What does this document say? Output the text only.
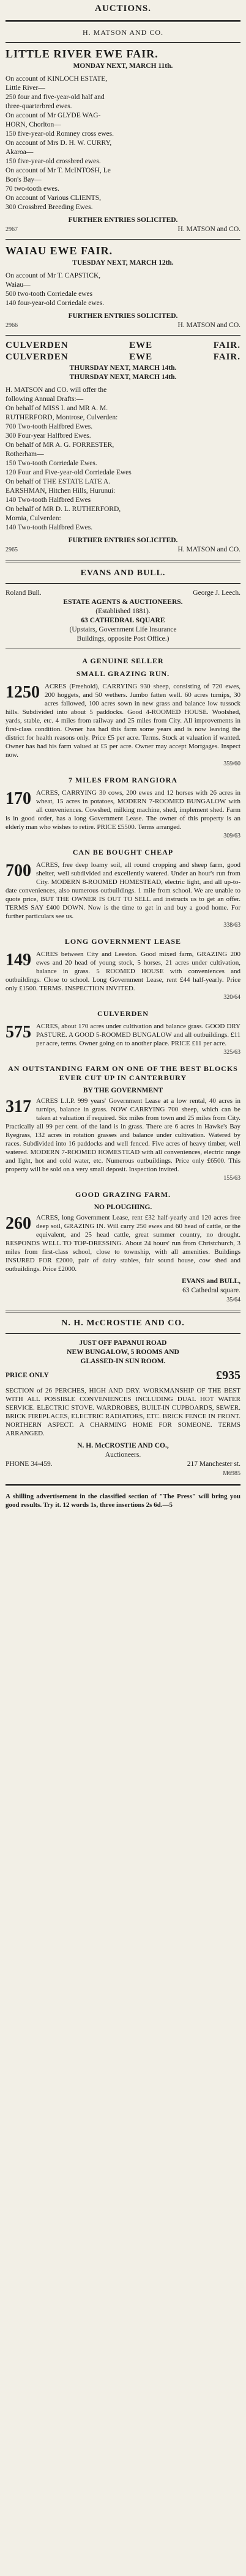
AUCTIONS.
H. MATSON AND CO.
LITTLE RIVER EWE FAIR.
MONDAY NEXT, MARCH 11th.

On account of KINLOCH ESTATE,

Little River—

250 four and five-year-old half and

three-quarterbred ewes.

On account of Mr GLYDE WAG-

HORN, Chorlton—

150 five-year-old Romney cross ewes.

On account of Mrs D. H. W. CURRY,

Akaroa—

150 five-year-old crossbred ewes.

On account of Mr T. McINTOSH, Le

Bon's Bay—

70 two-tooth ewes.

On account of Various CLIENTS,

300 Crossbred Breeding Ewes.

FURTHER ENTRIES SOLICITED.
2967	H. MATSON and CO.
WAIAU EWE FAIR.
TUESDAY NEXT, MARCH 12th.

On account of Mr T. CAPSTICK,

Waiau—

500 two-tooth Corriedale ewes

140 four-year-old Corriedale ewes.

FURTHER ENTRIES SOLICITED.

2966	H. MATSON and CO.
CULVERDEN	EWE	FAIR.
CULVERDEN	EWE	FAIR.
THURSDAY NEXT, MARCH 14th.
THURSDAY NEXT, MARCH 14th.

H. MATSON and CO. will offer the

following Annual Drafts:—

On behalf of MISS I. and MR A. M.

RUTHERFORD, Montrose, Culverden:

700 Two-tooth Halfbred Ewes.

300 Four-year Halfbred Ewes.

On behalf of MR A. G. FORRESTER,

Rotherham—

150 Two-tooth Corriedale Ewes.

120 Four and Five-year-old Corriedale Ewes

On behalf of THE ESTATE LATE A.

EARSHMAN, Hitchen Hills, Hurunui:

140 Two-tooth Halfbred Ewes

On behalf of MR D. L. RUTHERFORD,

Mornia, Culverden:

140 Two-tooth Halfbred Ewes.

FURTHER ENTRIES SOLICITED.
2965	H. MATSON and CO.
EVANS AND BULL.
Roland Bull.	George J. Leech.
ESTATE AGENTS & AUCTIONEERS.
(Established 1881).
63 CATHEDRAL SQUARE
(Upstairs, Government Life Insurance
Buildings, opposite Post Office.)
A GENUINE SELLER
SMALL GRAZING RUN.
1250 ACRES (Freehold), CARRYING 930 sheep, consisting of 720 ewes, 200 hoggets, and 50 wethers. Jumbo fatten well. 60 acres turnips, 30 acres fallowed, 100 acres sown in new grass and balance low tussock hills. Subdivided into about 5 paddocks. Good 4-ROOMED HOUSE. Woolshed, yards, stable, etc. 4 miles from railway and 25 miles from City. All improvements in first-class condition. Owner has had this farm some years and is now leaving the district for health reasons only. Price £5 per acre. Terms. Stock at valuation if wanted. Owner has had his farm valued at £5 per acre. Owner may accept Mortgages. Inspect now.

359/60
7 MILES FROM RANGIORA
170 ACRES, CARRYING 30 cows, 200 ewes and 12 horses with 26 acres in wheat, 15 acres in potatoes, MODERN 7-ROOMED BUNGALOW with all conveniences. Cowshed, milking machine, shed, implement shed. Farm is in good order, has a long Government Lease. The owner of this property is an elderly man who wishes to retire. PRICE £5500. Terms arranged.

309/63
CAN BE BOUGHT CHEAP
700 ACRES, free deep loamy soil, all round cropping and sheep farm, good shelter, well subdivided and excellently watered. Under an hour's run from City. MODERN 8-ROOMED HOMESTEAD, electric light, and all up-to-date conveniences, also numerous outbuildings. 1 mile from school. We are unable to quote price, BUT THE OWNER IS OUT TO SELL and instructs us to get an offer. TERMS SAY £400 DOWN. Now is the time to get in and buy a good home. For further particulars see us.

338/63
LONG GOVERNMENT LEASE
149 ACRES between City and Leeston. Good mixed farm, GRAZING 200 ewes and 20 head of young stock, 5 horses, 21 acres under cultivation, balance in grass. 5 ROOMED HOUSE with conveniences and outbuildings. Close to school. Long Government Lease, rent £44 half-yearly. Price only £1500. TERMS. INSPECTION INVITED.

320/64
CULVERDEN
575 ACRES, about 170 acres under cultivation and balance grass. GOOD DRY PASTURE. A GOOD 5-ROOMED BUNGALOW and all outbuildings. £11 per acre, terms. Owner going on to another place. PRICE £11 per acre.

325/63
AN OUTSTANDING FARM ON ONE OF THE BEST BLOCKS EVER CUT UP IN CANTERBURY
BY THE GOVERNMENT
317 ACRES L.I.P. 999 years' Government Lease at a low rental, 40 acres in turnips, balance in grass. NOW CARRYING 700 sheep, which can be taken at valuation if required. Six miles from town and 25 miles from City. Practically all 99 per cent. of the land is in grass. There are 6 acres in Hawke's Bay Ryegrass, 132 acres in rotation grasses and balance under cultivation. Watered by races. Subdivided into 16 paddocks and well fenced. Five acres of heavy timber, well watered. MODERN 7-ROOMED HOMESTEAD with all conveniences, electric range and light, hot and cold water, etc. Numerous outbuildings. Price only £6500. This property will be sold on a very small deposit. Inspection invited.

155/63
GOOD GRAZING FARM.
NO PLOUGHING.
260 ACRES, long Government Lease, rent £32 half-yearly and 120 acres free deep soil, GRAZING IN. Will carry 250 ewes and 60 head of cattle, or the equivalent, and 25 head cattle, great summer country, no drought. RESPONDS WELL TO TOP-DRESSING. About 24 hours' run from Christchurch, 3 miles from first-class school, close to township, with all amenities. Buildings INSURED FOR £2000, pair of dairy stables, fair sound house, cow shed and outbuildings. Price £2000.

EVANS and BULL,
63 Cathedral square.
35/64
N. H. McCROSTIE AND CO.
JUST OFF PAPANUI ROAD
NEW BUNGALOW, 5 ROOMS AND
GLASSED-IN SUN ROOM.
PRICE ONLY	£935

SECTION of 26 PERCHES, HIGH AND DRY. WORKMANSHIP OF THE BEST WITH ALL POSSIBLE CONVENIENCES INCLUDING DUAL HOT WATER SERVICE. ELECTRIC STOVE. WARDROBES, BUILT-IN CUPBOARDS, SEWER. BRICK FIREPLACES, ELECTRIC RADIATORS, ETC. BRICK FENCE IN FRONT. NORTHERN ASPECT. A CHARMING HOME FOR SOMEONE. TERMS ARRANGED.

N. H. McCROSTIE AND CO.,
Auctioneers.
PHONE 34-459.	217 Manchester st.
M6985

A shilling advertisement in the classified section of "The Press" will bring you good results. Try it. 12 words 1s, three insertions 2s 6d.—5
